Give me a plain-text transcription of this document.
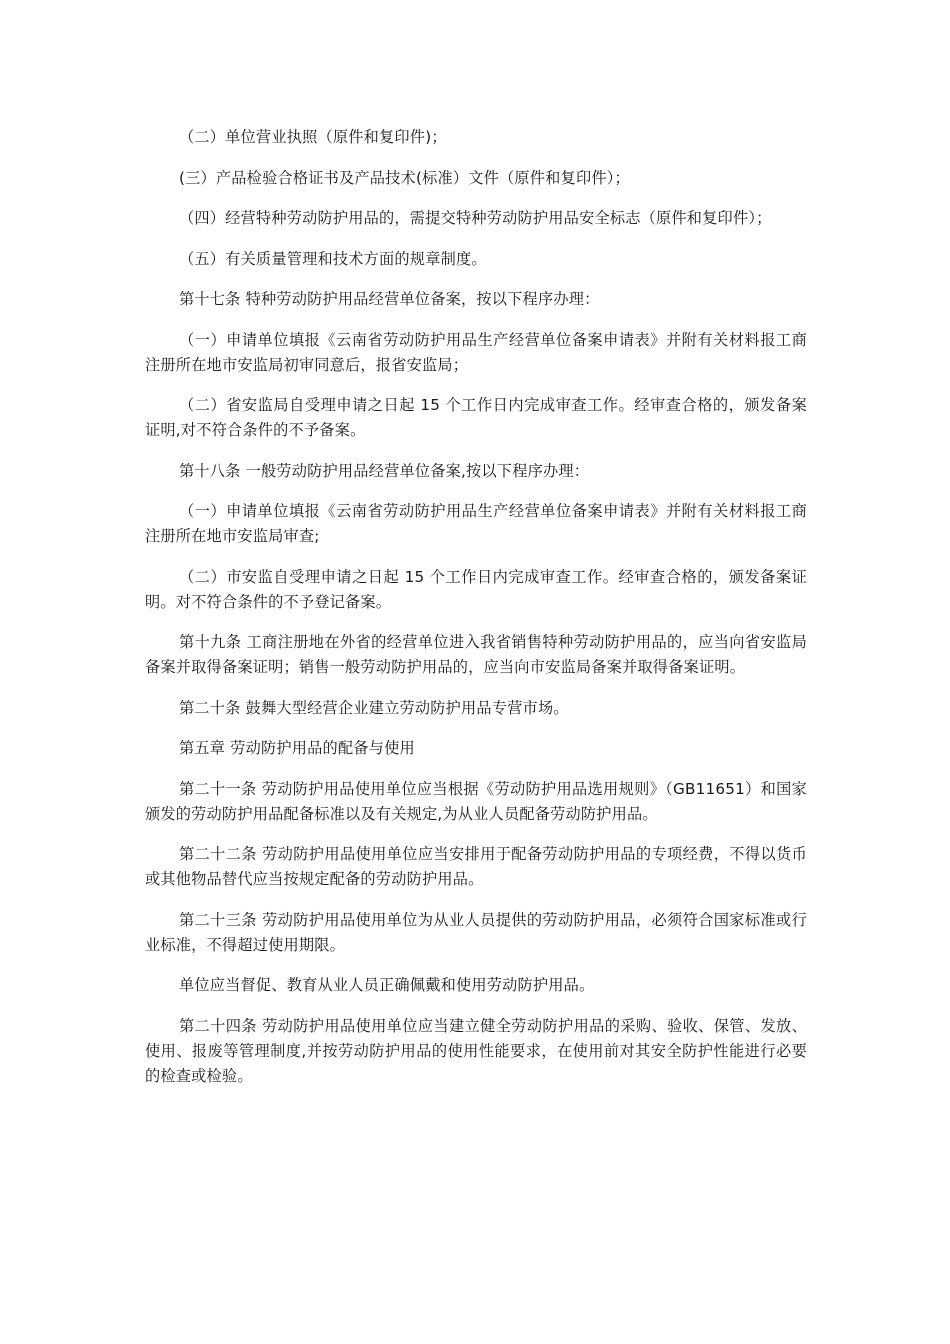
（二）单位营业执照（原件和复印件)；

(三）产品检验合格证书及产品技术(标准）文件（原件和复印件）；

（四）经营特种劳动防护用品的，需提交特种劳动防护用品安全标志（原件和复印件）；

（五）有关质量管理和技术方面的规章制度。

第十七条 特种劳动防护用品经营单位备案，按以下程序办理：

（一）申请单位填报《云南省劳动防护用品生产经营单位备案申请表》并附有关材料报工商注册所在地市安监局初审同意后，报省安监局；

（二）省安监局自受理申请之日起 15 个工作日内完成审查工作。经审查合格的，颁发备案证明,对不符合条件的不予备案。

第十八条 一般劳动防护用品经营单位备案,按以下程序办理：

（一）申请单位填报《云南省劳动防护用品生产经营单位备案申请表》并附有关材料报工商注册所在地市安监局审查;

（二）市安监自受理申请之日起 15 个工作日内完成审查工作。经审查合格的，颁发备案证明。对不符合条件的不予登记备案。

第十九条 工商注册地在外省的经营单位进入我省销售特种劳动防护用品的，应当向省安监局备案并取得备案证明；销售一般劳动防护用品的，应当向市安监局备案并取得备案证明。

第二十条 鼓舞大型经营企业建立劳动防护用品专营市场。

第五章 劳动防护用品的配备与使用

第二十一条 劳动防护用品使用单位应当根据《劳动防护用品选用规则》（GB11651）和国家颁发的劳动防护用品配备标准以及有关规定,为从业人员配备劳动防护用品。

第二十二条 劳动防护用品使用单位应当安排用于配备劳动防护用品的专项经费，不得以货币或其他物品替代应当按规定配备的劳动防护用品。

第二十三条 劳动防护用品使用单位为从业人员提供的劳动防护用品，必须符合国家标准或行业标准，不得超过使用期限。

单位应当督促、教育从业人员正确佩戴和使用劳动防护用品。

第二十四条 劳动防护用品使用单位应当建立健全劳动防护用品的采购、验收、保管、发放、使用、报废等管理制度,并按劳动防护用品的使用性能要求，在使用前对其安全防护性能进行必要的检查或检验。
